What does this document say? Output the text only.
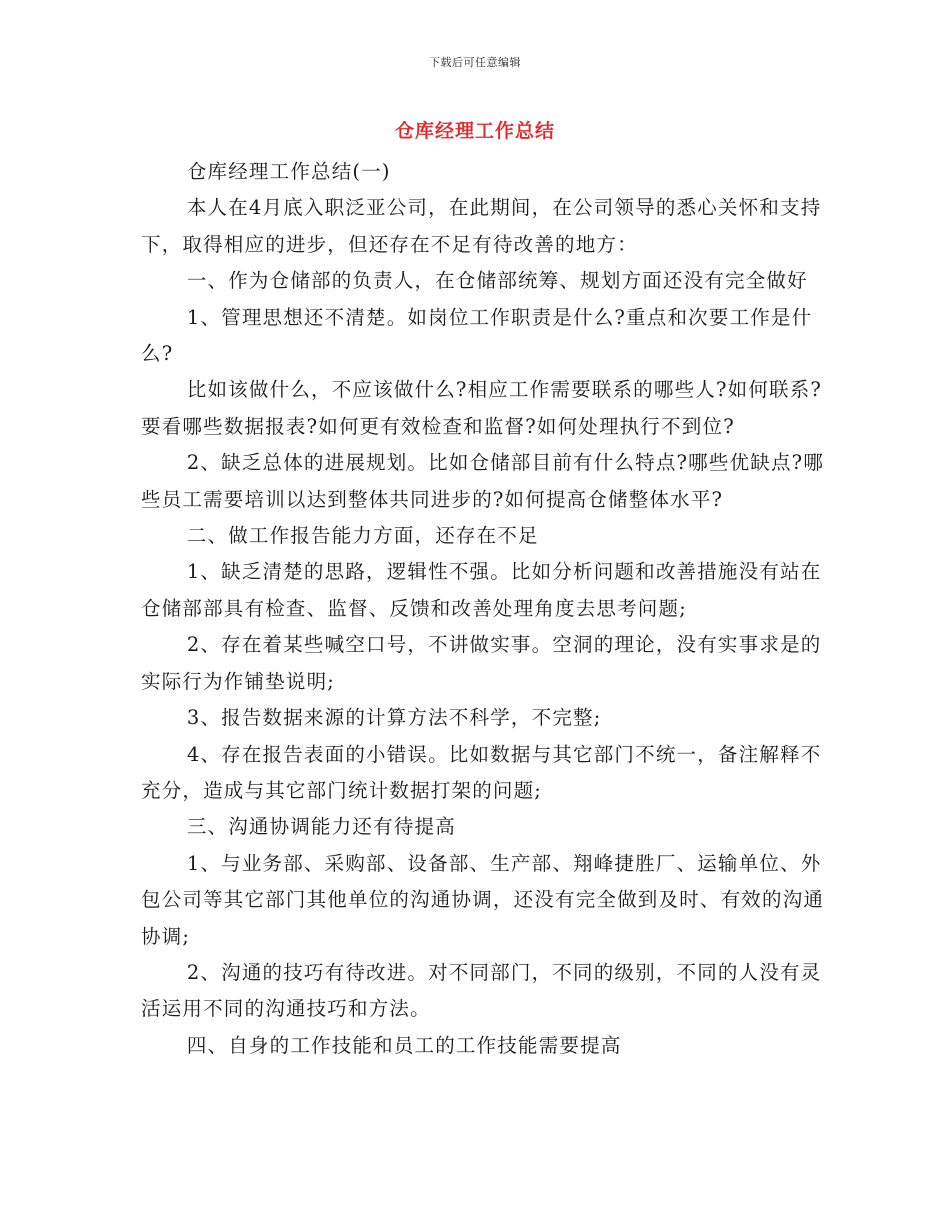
下载后可任意编辑
仓库经理工作总结

仓库经理工作总结(一)

本人在4月底入职泛亚公司，在此期间，在公司领导的悉心关怀和支持下，取得相应的进步，但还存在不足有待改善的地方：

一、作为仓储部的负责人，在仓储部统筹、规划方面还没有完全做好

1、管理思想还不清楚。如岗位工作职责是什么?重点和次要工作是什么?

比如该做什么，不应该做什么?相应工作需要联系的哪些人?如何联系?要看哪些数据报表?如何更有效检查和监督?如何处理执行不到位?

2、缺乏总体的进展规划。比如仓储部目前有什么特点?哪些优缺点?哪些员工需要培训以达到整体共同进步的?如何提高仓储整体水平?

二、做工作报告能力方面，还存在不足

1、缺乏清楚的思路，逻辑性不强。比如分析问题和改善措施没有站在仓储部部具有检查、监督、反馈和改善处理角度去思考问题;

2、存在着某些喊空口号，不讲做实事。空洞的理论，没有实事求是的实际行为作铺垫说明;

3、报告数据来源的计算方法不科学，不完整;

4、存在报告表面的小错误。比如数据与其它部门不统一，备注解释不充分，造成与其它部门统计数据打架的问题;

三、沟通协调能力还有待提高

1、与业务部、采购部、设备部、生产部、翔峰捷胜厂、运输单位、外包公司等其它部门其他单位的沟通协调，还没有完全做到及时、有效的沟通协调;

2、沟通的技巧有待改进。对不同部门，不同的级别，不同的人没有灵活运用不同的沟通技巧和方法。

四、自身的工作技能和员工的工作技能需要提高
